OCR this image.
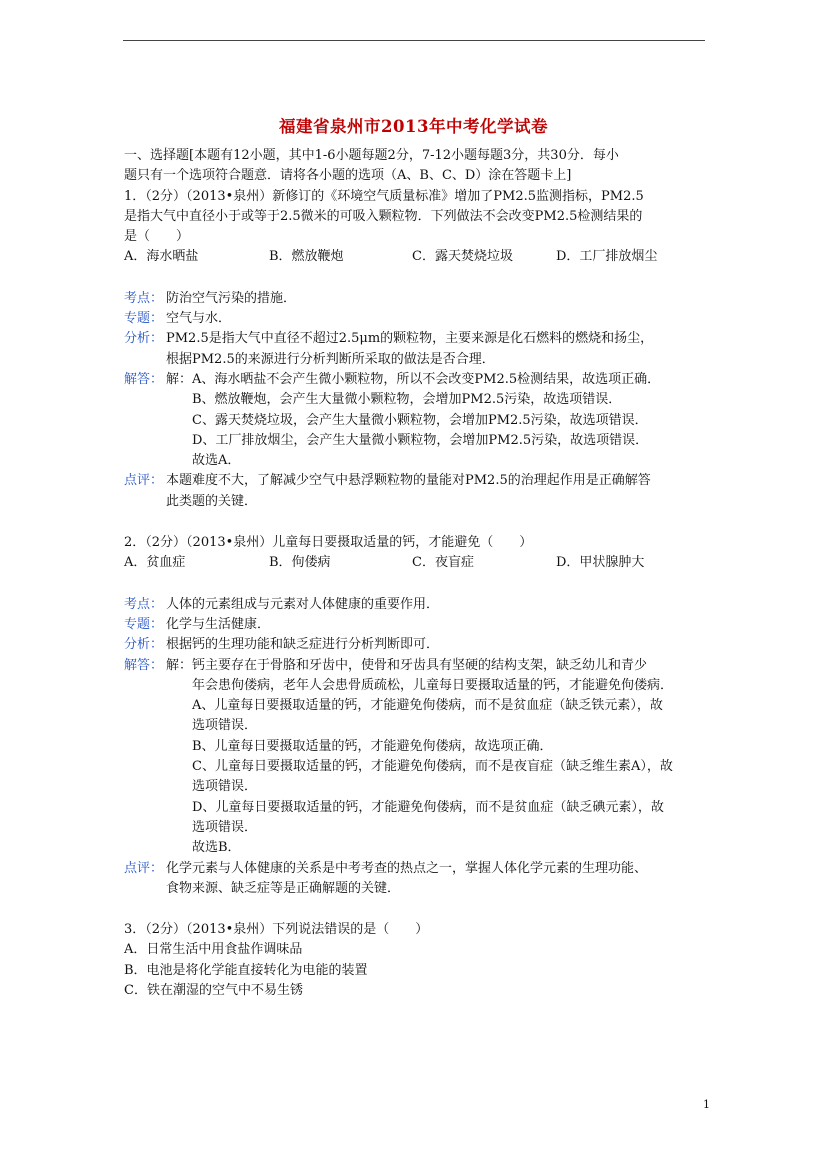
福建省泉州市2013年中考化学试卷
一、选择题[本题有12小题，其中1-6小题每题2分，7-12小题每题3分，共30分．每小
题只有一个选项符合题意．请将各小题的选项（A、B、C、D）涂在答题卡上]
1．（2分）（2013•泉州）新修订的《环境空气质量标准》增加了PM2.5监测指标，PM2.5
是指大气中直径小于或等于2.5微米的可吸入颗粒物．下列做法不会改变PM2.5检测结果的
是（　　）
A．海水晒盐	B．燃放鞭炮	C．露天焚烧垃圾	D．工厂排放烟尘
考点： 防治空气污染的措施．
专题： 空气与水．
分析： PM2.5是指大气中直径不超过2.5μm的颗粒物，主要来源是化石燃料的燃烧和扬尘，
根据PM2.5的来源进行分析判断所采取的做法是否合理．
解答： 解：A、海水晒盐不会产生微小颗粒物，所以不会改变PM2.5检测结果，故选项正确．
B、燃放鞭炮，会产生大量微小颗粒物，会增加PM2.5污染，故选项错误．
C、露天焚烧垃圾，会产生大量微小颗粒物，会增加PM2.5污染，故选项错误．
D、工厂排放烟尘，会产生大量微小颗粒物，会增加PM2.5污染，故选项错误．
故选A．
点评： 本题难度不大，了解减少空气中悬浮颗粒物的量能对PM2.5的治理起作用是正确解答
此类题的关键．
2．（2分）（2013•泉州）儿童每日要摄取适量的钙，才能避免（　　）
A．贫血症	B．佝偻病	C．夜盲症	D．甲状腺肿大
考点： 人体的元素组成与元素对人体健康的重要作用．
专题： 化学与生活健康．
分析： 根据钙的生理功能和缺乏症进行分析判断即可．
解答： 解：钙主要存在于骨胳和牙齿中，使骨和牙齿具有坚硬的结构支架，缺乏幼儿和青少
年会患佝偻病，老年人会患骨质疏松，儿童每日要摄取适量的钙，才能避免佝偻病．
A、儿童每日要摄取适量的钙，才能避免佝偻病，而不是贫血症（缺乏铁元素），故
选项错误．
B、儿童每日要摄取适量的钙，才能避免佝偻病，故选项正确．
C、儿童每日要摄取适量的钙，才能避免佝偻病，而不是夜盲症（缺乏维生素A），故
选项错误．
D、儿童每日要摄取适量的钙，才能避免佝偻病，而不是贫血症（缺乏碘元素），故
选项错误．
故选B．
点评： 化学元素与人体健康的关系是中考考查的热点之一，掌握人体化学元素的生理功能、
食物来源、缺乏症等是正确解题的关键．
3．（2分）（2013•泉州）下列说法错误的是（　　）
A．日常生活中用食盐作调味品
B．电池是将化学能直接转化为电能的装置
C．铁在潮湿的空气中不易生锈
1
